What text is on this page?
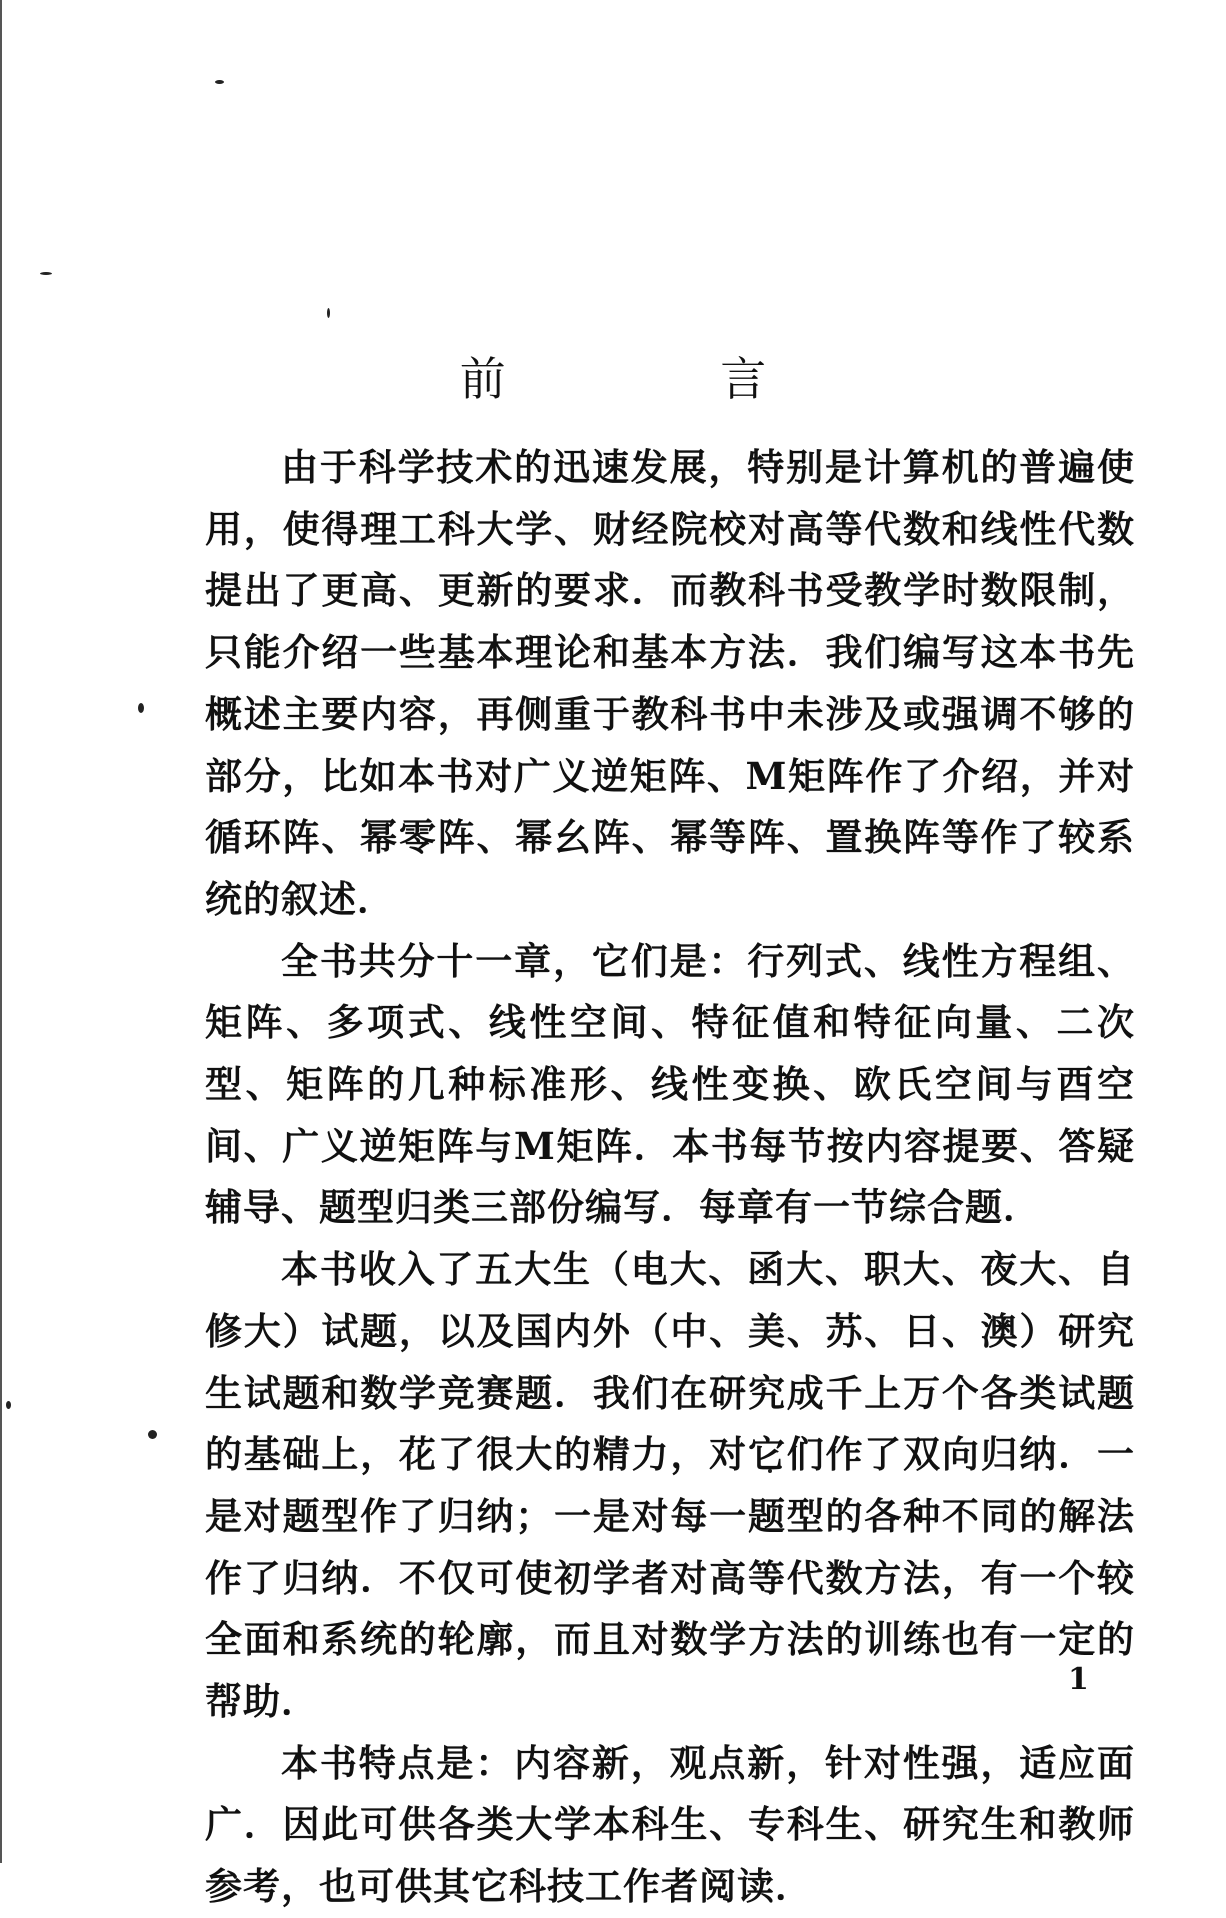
前 言

由于科学技术的迅速发展，特别是计算机的普遍使用，使得理工科大学、财经院校对高等代数和线性代数提出了更高、更新的要求．而教科书受教学时数限制，只能介绍一些基本理论和基本方法．我们编写这本书先概述主要内容，再侧重于教科书中未涉及或强调不够的部分，比如本书对广义逆矩阵、M矩阵作了介绍，并对循环阵、幂零阵、幂幺阵、幂等阵、置换阵等作了较系统的叙述．

全书共分十一章，它们是：行列式、线性方程组、矩阵、多项式、线性空间、特征值和特征向量、二次型、矩阵的几种标准形、线性变换、欧氏空间与酉空间、广义逆矩阵与M矩阵．本书每节按内容提要、答疑辅导、题型归类三部份编写．每章有一节综合题．

本书收入了五大生（电大、函大、职大、夜大、自修大）试题，以及国内外（中、美、苏、日、澳）研究生试题和数学竞赛题．我们在研究成千上万个各类试题的基础上，花了很大的精力，对它们作了双向归纳．一是对题型作了归纳；一是对每一题型的各种不同的解法作了归纳．不仅可使初学者对高等代数方法，有一个较全面和系统的轮廓，而且对数学方法的训练也有一定的帮助．

本书特点是：内容新，观点新，针对性强，适应面广．因此可供各类大学本科生、专科生、研究生和教师参考，也可供其它科技工作者阅读．

1
